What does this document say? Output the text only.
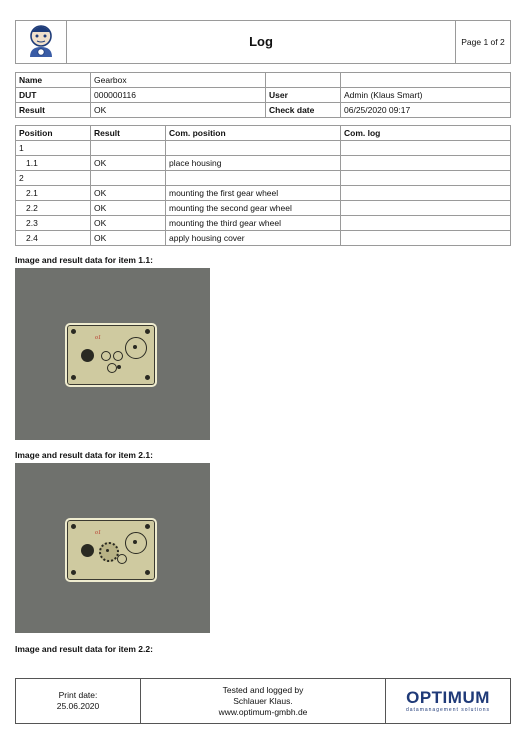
	Log	Page 1 of 2
Name	Gearbox		
DUT	000000116	User	Admin (Klaus Smart)
Result	OK	Check date	06/25/2020 09:17
Position	Result	Com. position	Com. log
1			
1.1	OK	place housing	
2			
2.1	OK	mounting the first gear wheel	
2.2	OK	mounting the second gear wheel	
2.3	OK	mounting the third gear wheel	
2.4	OK	apply housing cover	
Image and result data for item 1.1:
o1
Image and result data for item 2.1:
o1
Image and result data for item 2.2:
Print date:
25.06.2020

Tested and logged by
Schlauer Klaus.
www.optimum-gmbh.de

OPTIMUM
datamanagement solutions
